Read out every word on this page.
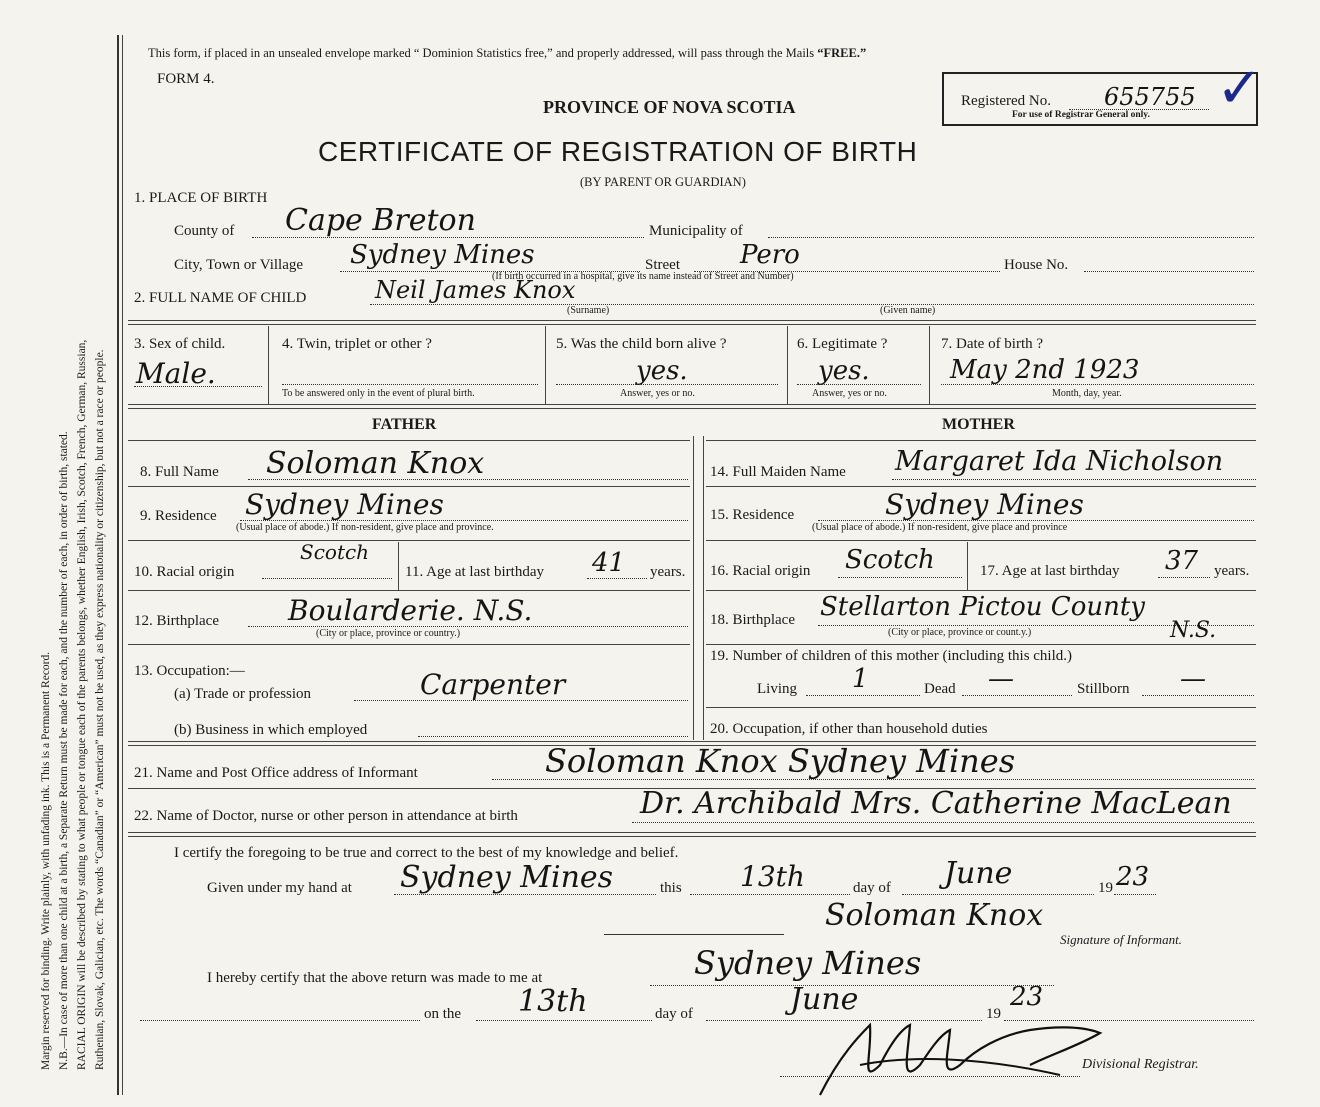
Margin reserved for binding. Write plainly, with unfading ink. This is a Permanent Record. N.B.—In case of more than one child at a birth, a Separate Return must be made for each, and the number of each, in order of birth, stated. RACIAL ORIGIN will be described by stating to what people or tongue each of the parents belongs, whether English, Irish, Scotch, French, German, Russian, Ruthenian, Slovak, Galician, etc. The words “Canadian” or “American” must not be used, as they express nationality or citizenship, but not a race or people.
This form, if placed in an unsealed envelope marked “ Dominion Statistics free,” and properly addressed, will pass through the Mails “FREE.”
FORM 4.
PROVINCE OF NOVA SCOTIA
CERTIFICATE OF REGISTRATION OF BIRTH
(BY PARENT OR GUARDIAN)
Registered No. 655755 ✓
For use of Registrar General only.
1. PLACE OF BIRTH
County of Cape Breton	Municipality of
City, Town or Village Sydney Mines	Street Pero	House No.
(If birth occurred in a hospital, give its name instead of Street and Number)
2. FULL NAME OF CHILD	Neil James Knox
(Surname)	(Given name)
3. Sex of child.
Male.
4. Twin, triplet or other ?
To be answered only in the event of plural birth.
5. Was the child born alive ?
yes.
Answer, yes or no.
6. Legitimate ?
yes.
Answer, yes or no.
7. Date of birth ?
May 2nd 1923
Month, day, year.
FATHER	MOTHER
8. Full Name Soloman Knox
9. Residence Sydney Mines
(Usual place of abode.) If non-resident, give place and province.
10. Racial origin
Scotch
11. Age at last birthday 41 years.
12. Birthplace Boularderie. N.S.
(City or place, province or country.)
13. Occupation:—
(a) Trade or profession	Carpenter
(b) Business in which employed
14. Full Maiden Name Margaret Ida Nicholson
15. Residence	Sydney Mines
(Usual place of abode.) If non-resident, give place and province
16. Racial origin Scotch	17. Age at last birthday 37 years.
18. Birthplace Stellarton Pictou County
N.S.
(City or place, province or count.y.)
19. Number of children of this mother (including this child.)
Living 1	Dead —	Stillborn —
20. Occupation, if other than household duties
21. Name and Post Office address of Informant	Soloman Knox Sydney Mines
22. Name of Doctor, nurse or other person in attendance at birth	Dr. Archibald Mrs. Catherine MacLean
I certify the foregoing to be true and correct to the best of my knowledge and belief.
Given under my hand at Sydney Mines	this 13th	day of June	19 23
Soloman Knox
Signature of Informant.
I hereby certify that the above return was made to me at	Sydney Mines
on the 13th	day of	June	19
23
Divisional Registrar.
